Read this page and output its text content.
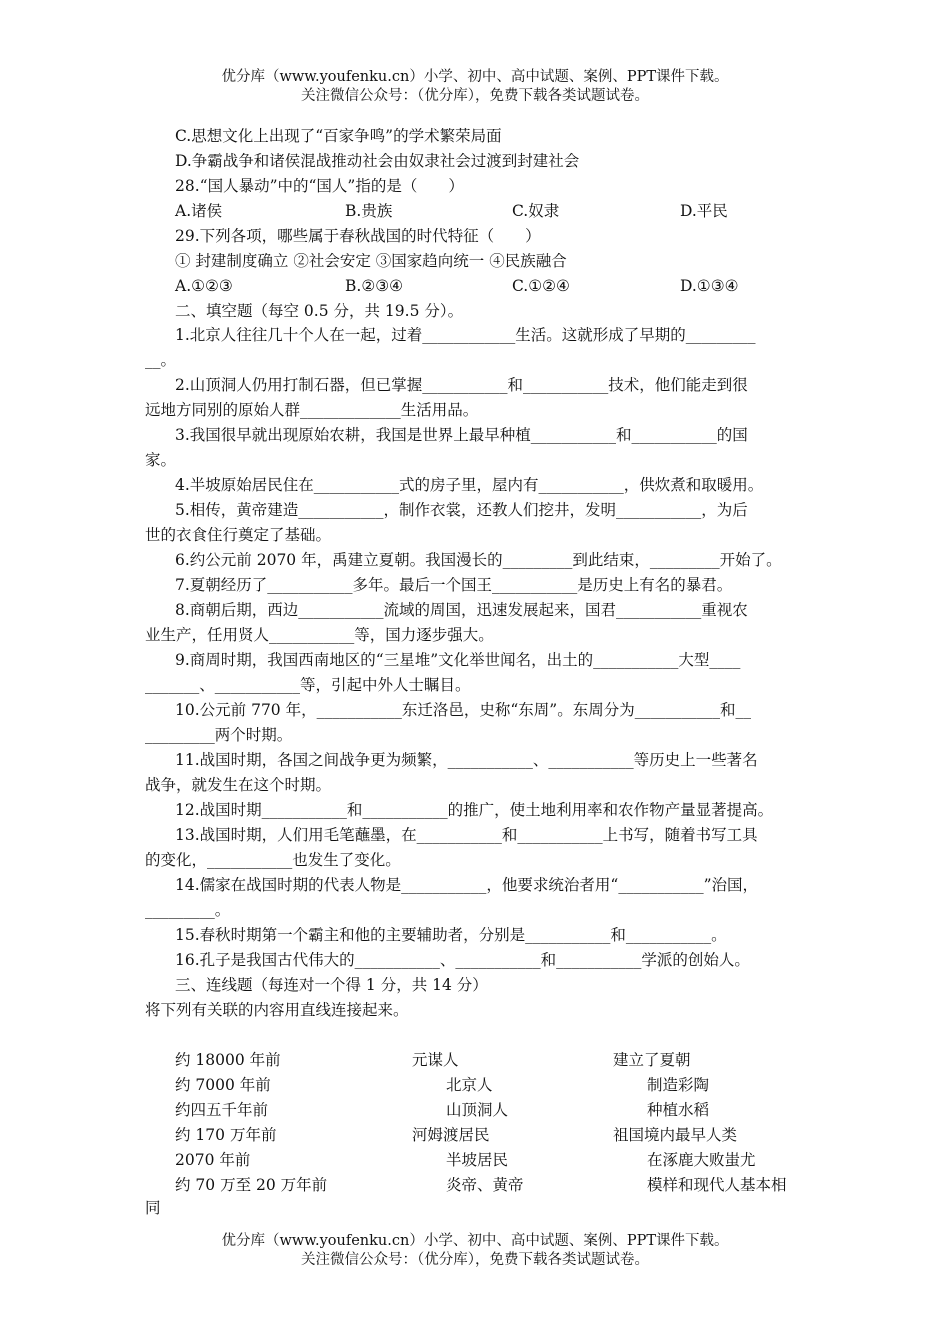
优分库（www.youfenku.cn）小学、初中、高中试题、案例、PPT课件下载。
关注微信公众号：（优分库），免费下载各类试题试卷。
C.思想文化上出现了“百家争鸣”的学术繁荣局面
D.争霸战争和诸侯混战推动社会由奴隶社会过渡到封建社会
28.“国人暴动”中的“国人”指的是（　　）
A.诸侯	B.贵族	C.奴隶	D.平民
29.下列各项，哪些属于春秋战国的时代特征（　　）
① 封建制度确立 ②社会安定 ③国家趋向统一 ④民族融合
A.①②③	B.②③④	C.①②④	D.①③④
二、填空题（每空 0.5 分，共 19.5 分）。
1.北京人往往几十个人在一起，过着____________生活。这就形成了早期的_________
__。
2.山顶洞人仍用打制石器，但已掌握___________和___________技术，他们能走到很
远地方同别的原始人群_____________生活用品。
3.我国很早就出现原始农耕，我国是世界上最早种植___________和___________的国
家。
4.半坡原始居民住在___________式的房子里，屋内有___________，供炊煮和取暖用。
5.相传，黄帝建造___________，制作衣裳，还教人们挖井，发明___________，为后
世的衣食住行奠定了基础。
6.约公元前 2070 年，禹建立夏朝。我国漫长的_________到此结束，_________开始了。
7.夏朝经历了___________多年。最后一个国王___________是历史上有名的暴君。
8.商朝后期，西边___________流域的周国，迅速发展起来，国君___________重视农
业生产，任用贤人___________等，国力逐步强大。
9.商周时期，我国西南地区的“三星堆”文化举世闻名，出土的___________大型____
_______、___________等，引起中外人士瞩目。
10.公元前 770 年，___________东迁洛邑，史称“东周”。东周分为___________和__
_________两个时期。
11.战国时期，各国之间战争更为频繁，___________、___________等历史上一些著名
战争，就发生在这个时期。
12.战国时期___________和___________的推广，使土地利用率和农作物产量显著提高。
13.战国时期，人们用毛笔蘸墨，在___________和___________上书写，随着书写工具
的变化，___________也发生了变化。
14.儒家在战国时期的代表人物是___________，他要求统治者用“___________”治国，
_________。
15.春秋时期第一个霸主和他的主要辅助者，分别是___________和___________。
16.孔子是我国古代伟大的___________、___________和___________学派的创始人。
三、连线题（每连对一个得 1 分，共 14 分）
将下列有关联的内容用直线连接起来。
约 18000 年前	元谋人	建立了夏朝
约 7000 年前	北京人	制造彩陶
约四五千年前	山顶洞人	种植水稻
约 170 万年前	河姆渡居民	祖国境内最早人类
2070 年前	半坡居民	在涿鹿大败蚩尤
约 70 万至 20 万年前	炎帝、黄帝	模样和现代人基本相
同
优分库（www.youfenku.cn）小学、初中、高中试题、案例、PPT课件下载。
关注微信公众号：（优分库），免费下载各类试题试卷。
